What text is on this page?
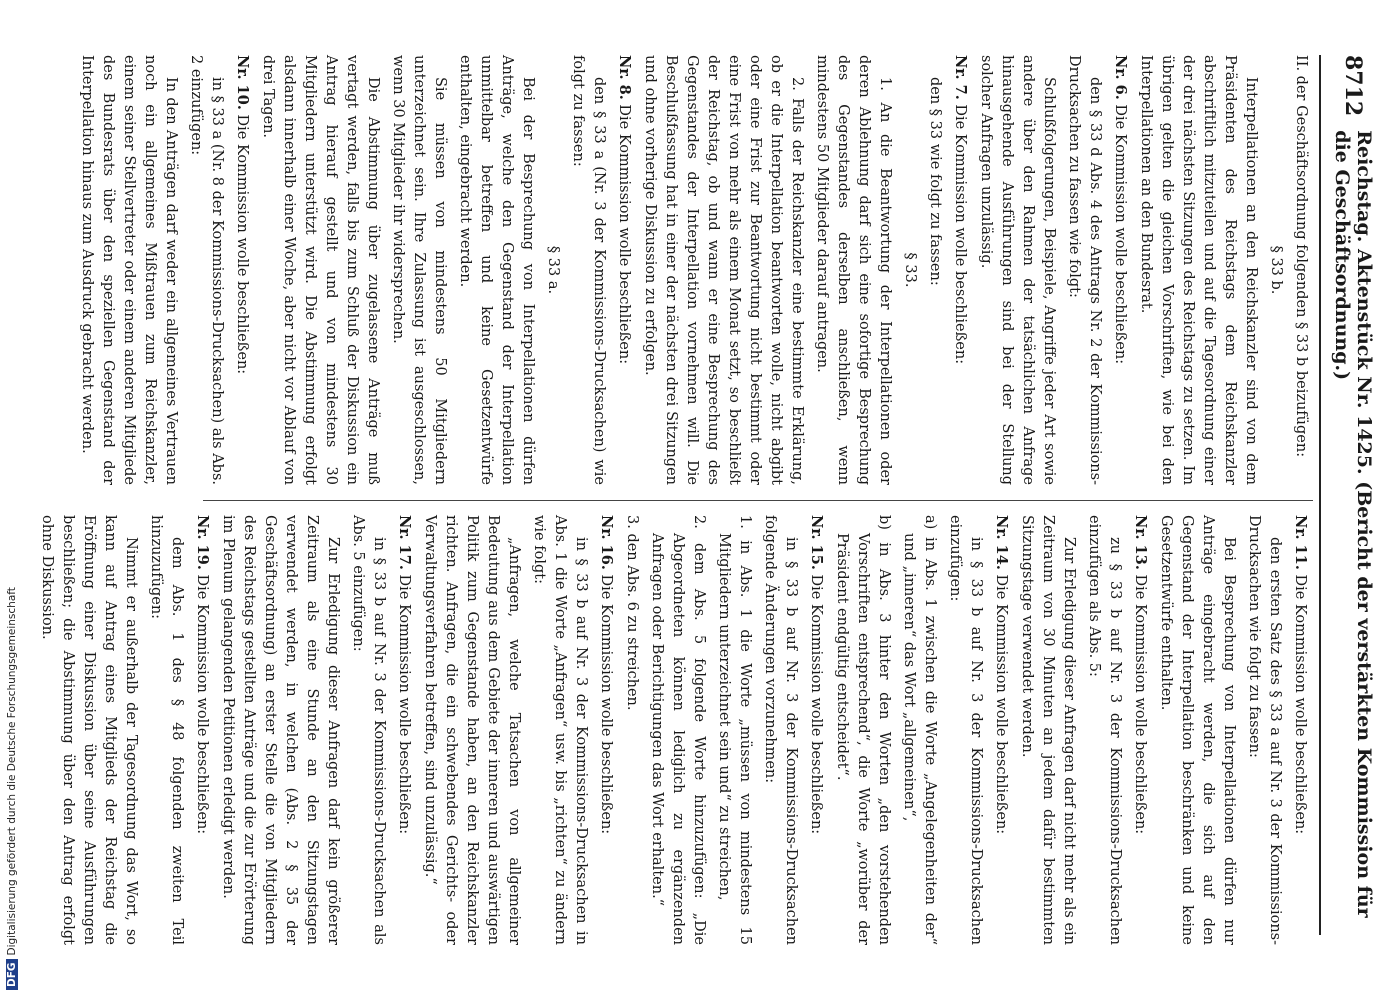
8712
Reichstag. Aktenstück Nr. 1425. (Bericht der verstärkten Kommission für die Geschäftsordnung.)

II. der Geschäftsordnung folgenden § 33 b beizufügen:

§ 33 b.

Interpellationen an den Reichskanzler sind von dem Präsidenten des Reichstags dem Reichskanzler abschriftlich mitzuteilen und auf die Tagesordnung einer der drei nächsten Sitzungen des Reichstags zu setzen. Im übrigen gelten die gleichen Vorschriften, wie bei den Interpellationen an den Bundesrat.

Nr. 6. Die Kommission wolle beschließen:

den § 33 d Abs. 4 des Antrags Nr. 2 der Kommissions-Drucksachen zu fassen wie folgt:

Schlußfolgerungen, Beispiele, Angriffe jeder Art sowie andere über den Rahmen der tatsächlichen Anfrage hinausgehende Ausführungen sind bei der Stellung solcher Anfragen unzulässig.

Nr. 7. Die Kommission wolle beschließen:

den § 33 wie folgt zu fassen:

§ 33.

1. An die Beantwortung der Interpellationen oder deren Ablehnung darf sich eine sofortige Besprechung des Gegenstandes derselben anschließen, wenn mindestens 50 Mitglieder darauf antragen.

2. Falls der Reichskanzler eine bestimmte Erklärung, ob er die Interpellation beantworten wolle, nicht abgibt oder eine Frist zur Beantwortung nicht bestimmt oder eine Frist von mehr als einem Monat setzt, so beschließt der Reichstag, ob und wann er eine Besprechung des Gegenstandes der Interpellation vornehmen will. Die Beschlußfassung hat in einer der nächsten drei Sitzungen und ohne vorherige Diskussion zu erfolgen.

Nr. 8. Die Kommission wolle beschließen:

den § 33 a (Nr. 3 der Kommissions-Drucksachen) wie folgt zu fassen:

§ 33 a.

Bei der Besprechung von Interpellationen dürfen Anträge, welche den Gegenstand der Interpellation unmittelbar betreffen und keine Gesetzentwürfe enthalten, eingebracht werden.

Sie müssen von mindestens 50 Mitgliedern unterzeichnet sein. Ihre Zulassung ist ausgeschlossen, wenn 30 Mitglieder ihr widersprechen.

Die Abstimmung über zugelassene Anträge muß vertagt werden, falls bis zum Schluß der Diskussion ein Antrag hierauf gestellt und von mindestens 30 Mitgliedern unterstützt wird. Die Abstimmung erfolgt alsdann innerhalb einer Woche, aber nicht vor Ablauf von drei Tagen.

Nr. 10. Die Kommission wolle beschließen:

in § 33 a (Nr. 8 der Kommissions-Drucksachen) als Abs. 2 einzufügen:

In den Anträgen darf weder ein allgemeines Vertrauen noch ein allgemeines Mißtrauen zum Reichskanzler, einem seiner Stellvertreter oder einem anderen Mitgliede des Bundesrats über den speziellen Gegenstand der Interpellation hinaus zum Ausdruck gebracht werden.

Nr. 11. Die Kommission wolle beschließen:

den ersten Satz des § 33 a auf Nr. 3 der Kommissions-Drucksachen wie folgt zu fassen:

Bei Besprechung von Interpellationen dürfen nur Anträge eingebracht werden, die sich auf den Gegenstand der Interpellation beschränken und keine Gesetzentwürfe enthalten.

Nr. 13. Die Kommission wolle beschließen:

zu § 33 b auf Nr. 3 der Kommissions-Drucksachen einzufügen als Abs. 5:

Zur Erledigung dieser Anfragen darf nicht mehr als ein Zeitraum von 30 Minuten an jedem dafür bestimmten Sitzungstage verwendet werden.

Nr. 14. Die Kommission wolle beschließen:

in § 33 b auf Nr. 3 der Kommissions-Drucksachen einzufügen:

a) in Abs. 1 zwischen die Worte „Angelegenheiten der“ und „inneren“ das Wort „allgemeinen“,

b) in Abs. 3 hinter den Worten „den vorstehenden Vorschriften entsprechend“, die Worte „worüber der Präsident endgültig entscheidet“.

Nr. 15. Die Kommission wolle beschließen:

in § 33 b auf Nr. 3 der Kommissions-Drucksachen folgende Änderungen vorzunehmen:

1. in Abs. 1 die Worte „müssen von mindestens 15 Mitgliedern unterzeichnet sein und“ zu streichen,

2. dem Abs. 5 folgende Worte hinzuzufügen: „Die Abgeordneten können lediglich zu ergänzenden Anfragen oder Berichtigungen das Wort erhalten.“

3. den Abs. 6 zu streichen.

Nr. 16. Die Kommission wolle beschließen:

in § 33 b auf Nr. 3 der Kommissions-Drucksachen in Abs. 1 die Worte „Anfragen“ usw. bis „richten“ zu ändern wie folgt:

„Anfragen, welche Tatsachen von allgemeiner Bedeutung aus dem Gebiete der inneren und auswärtigen Politik zum Gegenstande haben, an den Reichskanzler richten. Anfragen, die ein schwebendes Gerichts- oder Verwaltungsverfahren betreffen, sind unzulässig.“

Nr. 17. Die Kommission wolle beschließen:

in § 33 b auf Nr. 3 der Kommissions-Drucksachen als Abs. 5 einzufügen:

Zur Erledigung dieser Anfragen darf kein größerer Zeitraum als eine Stunde an den Sitzungstagen verwendet werden, in welchen (Abs. 2 § 35 der Geschäftsordnung) an erster Stelle die von Mitgliedern des Reichstags gestellten Anträge und die zur Erörterung im Plenum gelangenden Petitionen erledigt werden.

Nr. 19. Die Kommission wolle beschließen:

dem Abs. 1 des § 48 folgenden zweiten Teil hinzuzufügen:

Nimmt er außerhalb der Tagesordnung das Wort, so kann auf Antrag eines Mitglieds der Reichstag die Eröffnung einer Diskussion über seine Ausführungen beschließen; die Abstimmung über den Antrag erfolgt ohne Diskussion.

DFGDigitalisierung gefördert durch die Deutsche Forschungsgemeinschaft
